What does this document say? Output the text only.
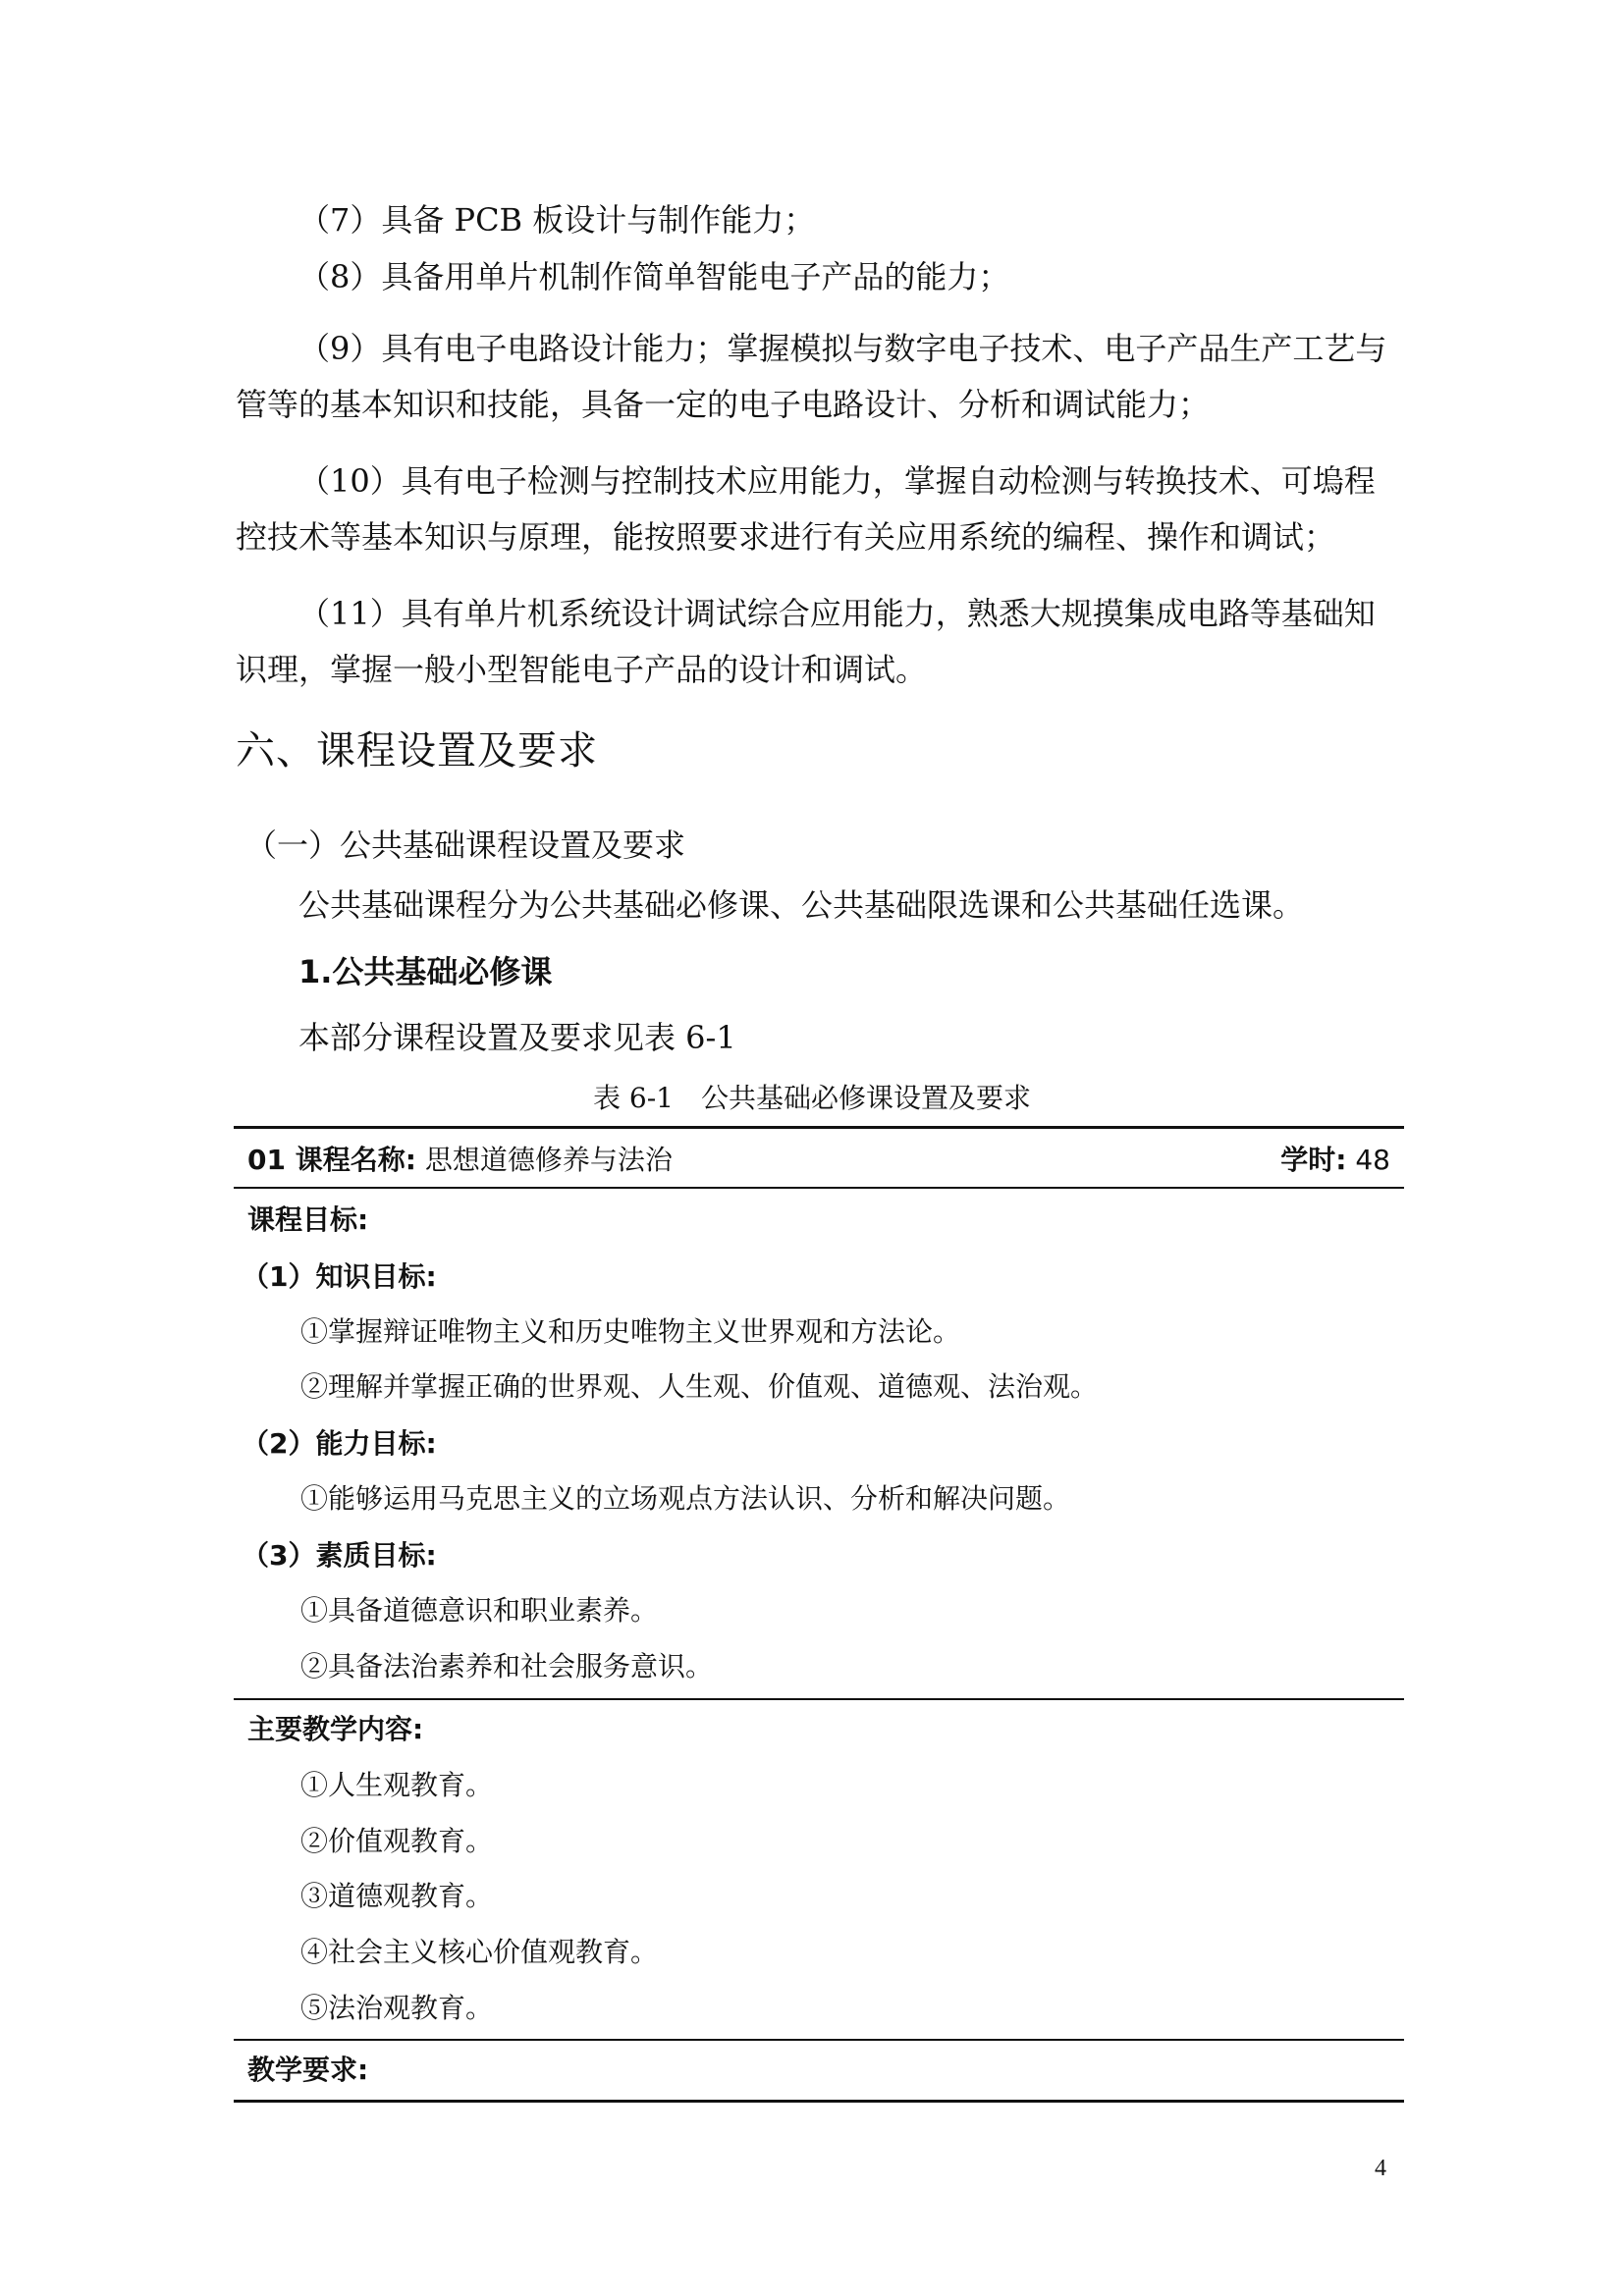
（7）具备 PCB 板设计与制作能力；

（8）具备用单片机制作简单智能电子产品的能力；

（9）具有电子电路设计能力；掌握模拟与数字电子技术、电子产品生产工艺与管等的基本知识和技能，具备一定的电子电路设计、分析和调试能力；

（10）具有电子检测与控制技术应用能力，掌握自动检测与转换技术、可塢程控技术等基本知识与原理，能按照要求进行有关应用系统的编程、操作和调试；

（11）具有单片机系统设计调试综合应用能力，熟悉大规摸集成电路等基础知识理，掌握一般小型智能电子产品的设计和调试。

六、课程设置及要求
（一）公共基础课程设置及要求

公共基础课程分为公共基础必修课、公共基础限选课和公共基础任选课。

1.公共基础必修课

本部分课程设置及要求见表 6-1

表 6-1　公共基础必修课设置及要求

01 课程名称: 思想道德修养与法治	学时: 48
课程目标:
（1）知识目标:
①掌握辩证唯物主义和历史唯物主义世界观和方法论。
②理解并掌握正确的世界观、人生观、价值观、道德观、法治观。
（2）能力目标:
①能够运用马克思主义的立场观点方法认识、分析和解决问题。
（3）素质目标:
①具备道德意识和职业素养。
②具备法治素养和社会服务意识。
主要教学内容:
①人生观教育。
②价值观教育。
③道德观教育。
④社会主义核心价值观教育。
⑤法治观教育。
教学要求:
4
